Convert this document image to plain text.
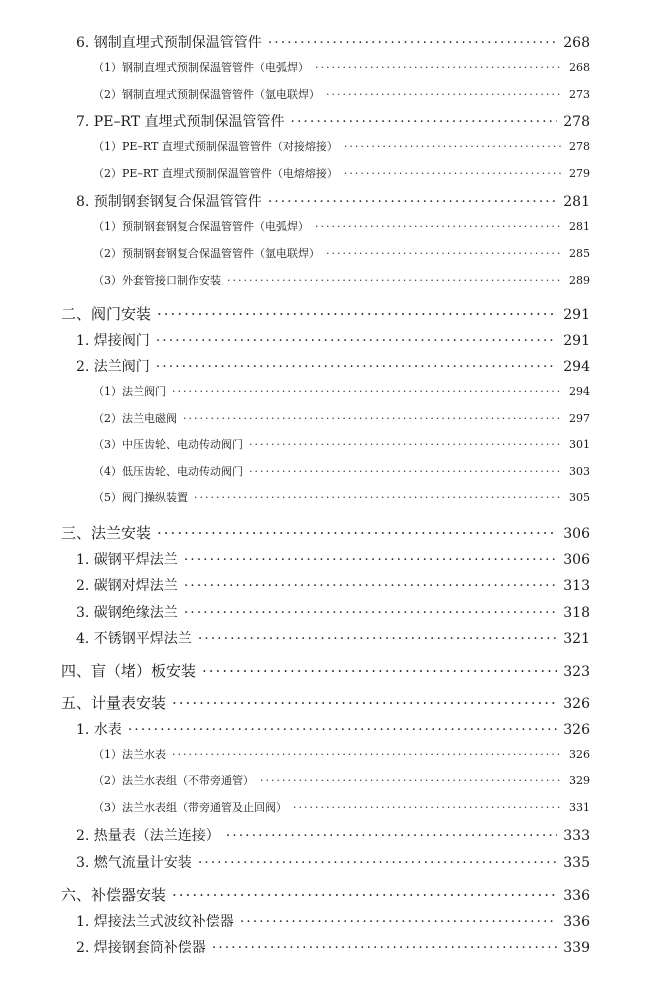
6. 钢制直埋式预制保温管管件 ·····	268
（1）钢制直埋式预制保温管管件（电弧焊） ·····	268
（2）钢制直埋式预制保温管管件（氩电联焊） ·····	273
7. PE–RT 直埋式预制保温管管件 ·····	278
（1）PE–RT 直埋式预制保温管管件（对接熔接） ·····	278
（2）PE–RT 直埋式预制保温管管件（电熔熔接） ·····	279
8. 预制钢套钢复合保温管管件 ·····	281
（1）预制钢套钢复合保温管管件（电弧焊） ·····	281
（2）预制钢套钢复合保温管管件（氩电联焊） ·····	285
（3）外套管接口制作安装 ·····	289
二、阀门安装 ·····	291
1. 焊接阀门 ·····	291
2. 法兰阀门 ·····	294
（1）法兰阀门 ·····	294
（2）法兰电磁阀 ·····	297
（3）中压齿轮、电动传动阀门 ·····	301
（4）低压齿轮、电动传动阀门 ·····	303
（5）阀门操纵装置 ·····	305
三、法兰安装 ·····	306
1. 碳钢平焊法兰 ·····	306
2. 碳钢对焊法兰 ·····	313
3. 碳钢绝缘法兰 ·····	318
4. 不锈钢平焊法兰 ·····	321
四、盲（堵）板安装 ·····	323
五、计量表安装 ·····	326
1. 水表 ·····	326
（1）法兰水表 ·····	326
（2）法兰水表组（不带旁通管） ·····	329
（3）法兰水表组（带旁通管及止回阀） ·····	331
2. 热量表（法兰连接） ·····	333
3. 燃气流量计安装 ·····	335
六、补偿器安装 ·····	336
1. 焊接法兰式波纹补偿器 ·····	336
2. 焊接钢套筒补偿器 ·····	339
